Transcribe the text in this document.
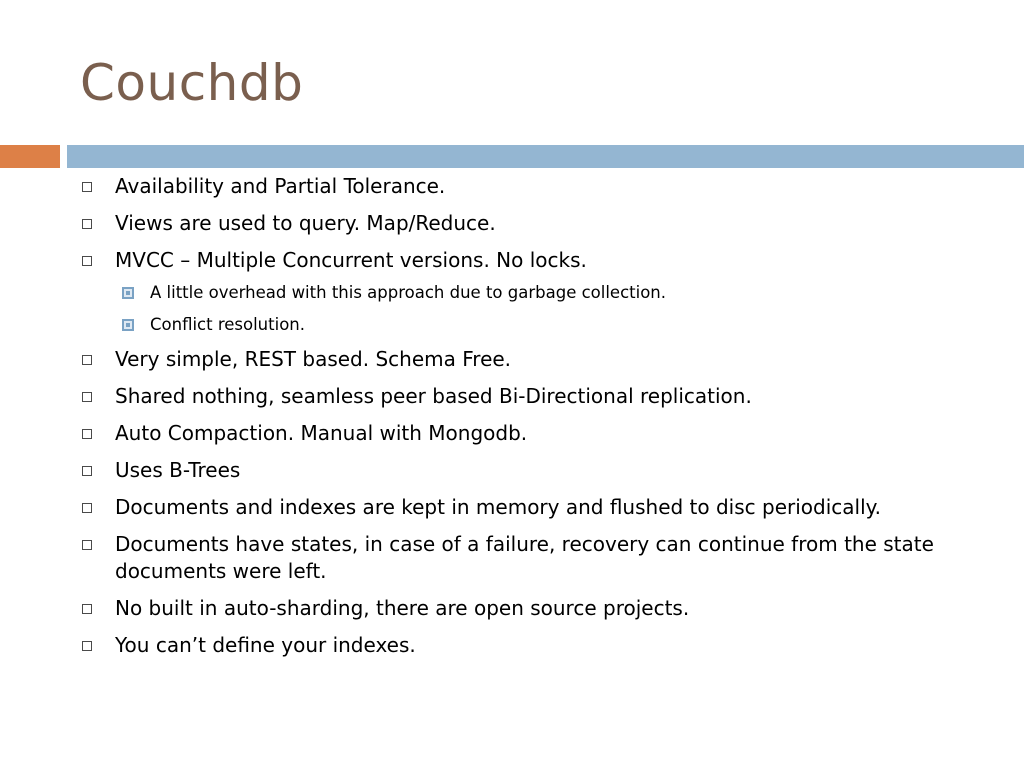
Couchdb
Availability and Partial Tolerance.
Views are used to query. Map/Reduce.
MVCC – Multiple Concurrent versions. No locks.
A little overhead with this approach due to garbage collection.
Conflict resolution.
Very simple, REST based. Schema Free.
Shared nothing, seamless peer based Bi-Directional replication.
Auto Compaction. Manual with Mongodb.
Uses B-Trees
Documents and indexes are kept in memory and flushed to disc periodically.
Documents have states, in case of a failure, recovery can continue from the state documents were left.
No built in auto-sharding, there are open source projects.
You can’t define your indexes.
